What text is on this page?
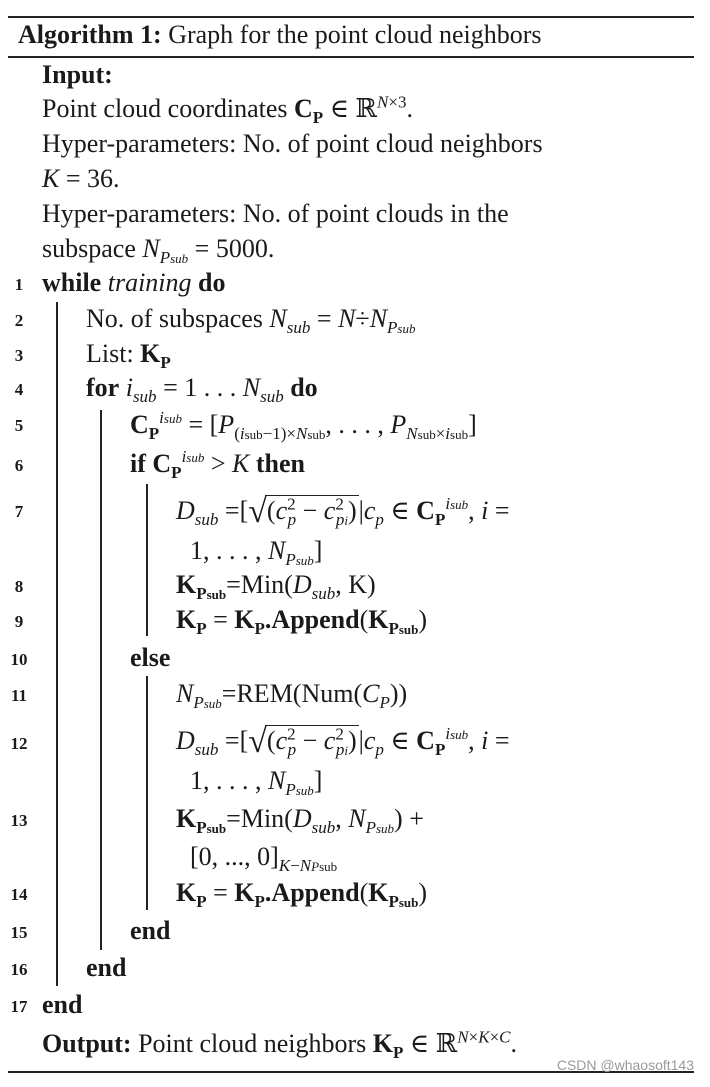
Algorithm 1: Graph for the point cloud neighbors
Input:
Point cloud coordinates $C_P$ ∈ ℝ$^{N\times 3}$.
Hyper-parameters: No. of point cloud neighbors
K = 36.
Hyper-parameters: No. of point clouds in the
subspace $N_{Psub} = 5000$.
1
2
3
4
5
6
7
8
9
10
11
12
13
14
15
16
17
while training do
No. of subspaces $N_{sub} = N\div N_{Psub}$
List: $K_P$
for $i_{sub} = 1$ . . . $N_{sub}$ do
$C_P^{isub} = [P_{(isub-1)\times Nsub}$, . . . , $P_{Nsub\times isub}$]
if $C_P^{isub} > K$ then
$D_{sub} =[√(c^2_p - c^2_{pi})|c_p$ ∈ $C_P^{isub}$, i =
1, . . . , $N_{Psub}$]
$K_{Psub}=Min(D_{sub}$, K)
$K_P$ = $K_P.Append(K_{Psub})$
else
$N_{Psub}=REM(Num(C_P))$
$D_{sub} =[√(c^2_p - c^2_{pi})|c_p$ ∈ $C_P^{isub}$, i =
1, . . . , $N_{Psub}$]
$K_{Psub}=Min(D_{sub}$, $N_{Psub}$) +
[0, ..., $0]_{K-NPsub}$
$K_P$ = $K_P.Append(K_{Psub})$
end
end
end
Output: Point cloud neighbors $K_P$ ∈ ℝ$^{N\times K\times C}$.
CSDN @whaosoft143
